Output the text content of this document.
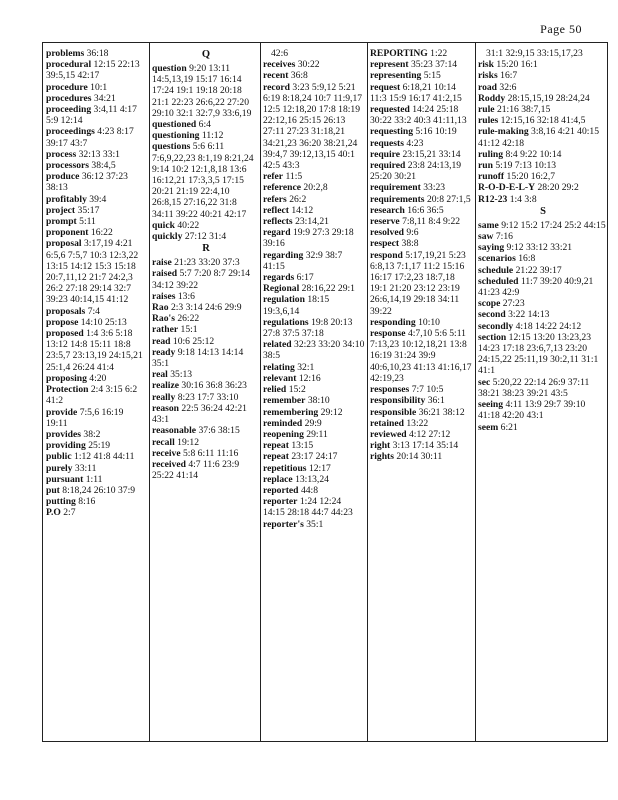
Page 50
problems 36:18
procedural 12:15 22:13 39:5,15 42:17
procedure 10:1
procedures 34:21
proceeding 3:4,11 4:17 5:9 12:14
proceedings 4:23 8:17 39:17 43:7
process 32:13 33:1
processors 38:4,5
produce 36:12 37:23 38:13
profitably 39:4
project 35:17
prompt 5:11
proponent 16:22
proposal 3:17,19 4:21 6:5,6 7:5,7 10:3 12:3,22 13:15 14:12 15:3 15:18 20:7,11,12 21:7 24:2,3 26:2 27:18 29:14 32:7 39:23 40:14,15 41:12
proposals 7:4
propose 14:10 25:13
proposed 1:4 3:6 5:18 13:12 14:8 15:11 18:8 23:5,7 23:13,19 24:15,21 25:1,4 26:24 41:4
proposing 4:20
Protection 2:4 3:15 6:2 41:2
provide 7:5,6 16:19 19:11
provides 38:2
providing 25:19
public 1:12 41:8 44:11
purely 33:11
pursuant 1:11
put 8:18,24 26:10 37:9
putting 8:16
P.O 2:7
Q
question 9:20 13:11 14:5,13,19 15:17 16:14 17:24 19:1 19:18 20:18 21:1 22:23 26:6,22 27:20 29:10 32:1 32:7,9 33:6,19
questioned 6:4
questioning 11:12
questions 5:6 6:11 7:6,9,22,23 8:1,19 8:21,24 9:14 10:2 12:1,8,18 13:6 16:12,21 17:3,3,5 17:15 20:21 21:19 22:4,10 26:8,15 27:16,22 31:8 34:11 39:22 40:21 42:17
quick 40:22
quickly 27:12 31:4
R
raise 21:23 33:20 37:3
raised 5:7 7:20 8:7 29:14 34:12 39:22
raises 13:6
Rao 2:3 3:14 24:6 29:9
Rao's 26:22
rather 15:1
read 10:6 25:12
ready 9:18 14:13 14:14 35:1
real 35:13
realize 30:16 36:8 36:23
really 8:23 17:7 33:10
reason 22:5 36:24 42:21 43:1
reasonable 37:6 38:15
recall 19:12
receive 5:8 6:11 11:16
received 4:7 11:6 23:9 25:22 41:14
42:6
receives 30:22
recent 36:8
record 3:23 5:9,12 5:21 6:19 8:18,24 10:7 11:9,17 12:5 12:18,20 17:8 18:19 22:12,16 25:15 26:13 27:11 27:23 31:18,21 34:21,23 36:20 38:21,24 39:4,7 39:12,13,15 40:1 42:5 43:3
refer 11:5
reference 20:2,8
refers 26:2
reflect 14:12
reflects 23:14,21
regard 19:9 27:3 29:18 39:16
regarding 32:9 38:7 41:15
regards 6:17
Regional 28:16,22 29:1
regulation 18:15 19:3,6,14
regulations 19:8 20:13 27:8 37:5 37:18
related 32:23 33:20 34:10 38:5
relating 32:1
relevant 12:16
relied 15:2
remember 38:10
remembering 29:12
reminded 29:9
reopening 29:11
repeat 13:15
repeat 23:17 24:17
repetitious 12:17
replace 13:13,24
reported 44:8
reporter 1:24 12:24 14:15 28:18 44:7 44:23
reporter's 35:1
REPORTING 1:22
represent 35:23 37:14
representing 5:15
request 6:18,21 10:14 11:3 15:9 16:17 41:2,15
requested 14:24 25:18 30:22 33:2 40:3 41:11,13
requesting 5:16 10:19
requests 4:23
require 23:15,21 33:14
required 23:8 24:13,19 25:20 30:21
requirement 33:23
requirements 20:8 27:1,5
research 16:6 36:5
reserve 7:8,11 8:4 9:22
resolved 9:6
respect 38:8
respond 5:17,19,21 5:23 6:8,13 7:1,17 11:2 15:16 16:17 17:2,23 18:7,18 19:1 21:20 23:12 23:19 26:6,14,19 29:18 34:11 39:22
responding 10:10
response 4:7,10 5:6 5:11 7:13,23 10:12,18,21 13:8 16:19 31:24 39:9 40:6,10,23 41:13 41:16,17 42:19,23
responses 7:7 10:5
responsibility 36:1
responsible 36:21 38:12
retained 13:22
reviewed 4:12 27:12
right 3:13 17:14 35:14
rights 20:14 30:11
31:1 32:9,15 33:15,17,23
risk 15:20 16:1
risks 16:7
road 32:6
Roddy 28:15,15,19 28:24,24
rule 21:16 38:7,15
rules 12:15,16 32:18 41:4,5
rule-making 3:8,16 4:21 40:15 41:12 42:18
ruling 8:4 9:22 10:14
run 5:19 7:13 10:13
runoff 15:20 16:2,7
R-O-D-E-L-Y 28:20 29:2
R12-23 1:4 3:8
S
same 9:12 15:2 17:24 25:2 44:15
saw 7:16
saying 9:12 33:12 33:21
scenarios 16:8
schedule 21:22 39:17
scheduled 11:7 39:20 40:9,21 41:23 42:9
scope 27:23
second 3:22 14:13
secondly 4:18 14:22 24:12
section 12:15 13:20 13:23,23 14:23 17:18 23:6,7,13 23:20 24:15,22 25:11,19 30:2,11 31:1 41:1
sec 5:20,22 22:14 26:9 37:11 38:21 38:23 39:21 43:5
seeing 4:11 13:9 29:7 39:10 41:18 42:20 43:1
seem 6:21
